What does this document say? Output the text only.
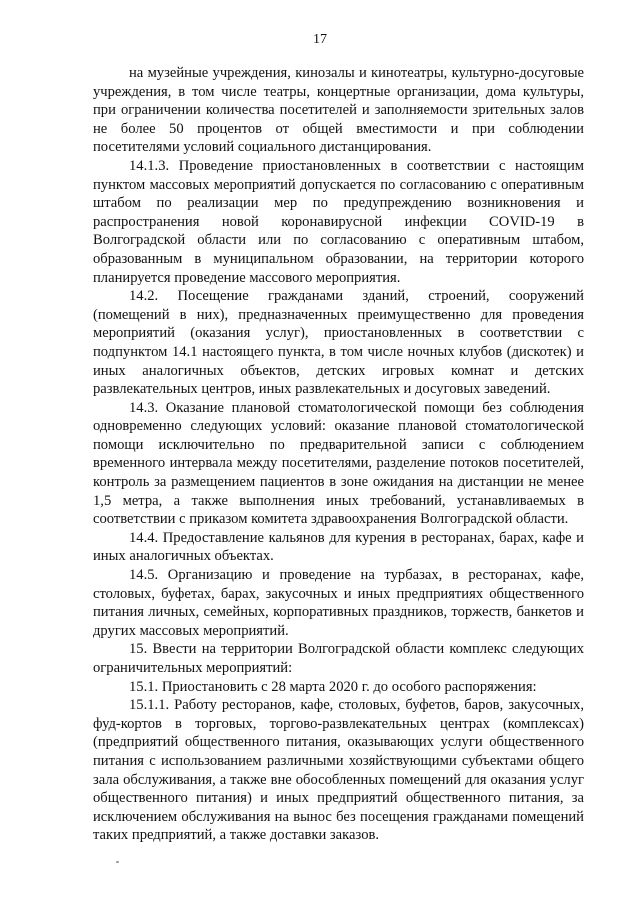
17

на музейные учреждения, кинозалы и кинотеатры, культурно-досуговые учреждения, в том числе театры, концертные организации, дома культуры, при ограничении количества посетителей и заполняемости зрительных залов не более 50 процентов от общей вместимости и при соблюдении посетителями условий социального дистанцирования.

14.1.3. Проведение приостановленных в соответствии с настоящим пунктом массовых мероприятий допускается по согласованию с оперативным штабом по реализации мер по предупреждению возникновения и распространения новой коронавирусной инфекции COVID-19 в Волгоградской области или по согласованию с оперативным штабом, образованным в муниципальном образовании, на территории которого планируется проведение массового мероприятия.

14.2. Посещение гражданами зданий, строений, сооружений (помещений в них), предназначенных преимущественно для проведения мероприятий (оказания услуг), приостановленных в соответствии с подпунктом 14.1 настоящего пункта, в том числе ночных клубов (дискотек) и иных аналогичных объектов, детских игровых комнат и детских развлекательных центров, иных развлекательных и досуговых заведений.

14.3. Оказание плановой стоматологической помощи без соблюдения одновременно следующих условий: оказание плановой стоматологической помощи исключительно по предварительной записи с соблюдением временного интервала между посетителями, разделение потоков посетителей, контроль за размещением пациентов в зоне ожидания на дистанции не менее 1,5 метра, а также выполнения иных требований, устанавливаемых в соответствии с приказом комитета здравоохранения Волгоградской области.

14.4. Предоставление кальянов для курения в ресторанах, барах, кафе и иных аналогичных объектах.

14.5. Организацию и проведение на турбазах, в ресторанах, кафе, столовых, буфетах, барах, закусочных и иных предприятиях общественного питания личных, семейных, корпоративных праздников, торжеств, банкетов и других массовых мероприятий.

15. Ввести на территории Волгоградской области комплекс следующих ограничительных мероприятий:

15.1. Приостановить с 28 марта 2020 г. до особого распоряжения:

15.1.1. Работу ресторанов, кафе, столовых, буфетов, баров, закусочных, фуд-кортов в торговых, торгово-развлекательных центрах (комплексах) (предприятий общественного питания, оказывающих услуги общественного питания с использованием различными хозяйствующими субъектами общего зала обслуживания, а также вне обособленных помещений для оказания услуг общественного питания) и иных предприятий общественного питания, за исключением обслуживания на вынос без посещения гражданами помещений таких предприятий, а также доставки заказов.
